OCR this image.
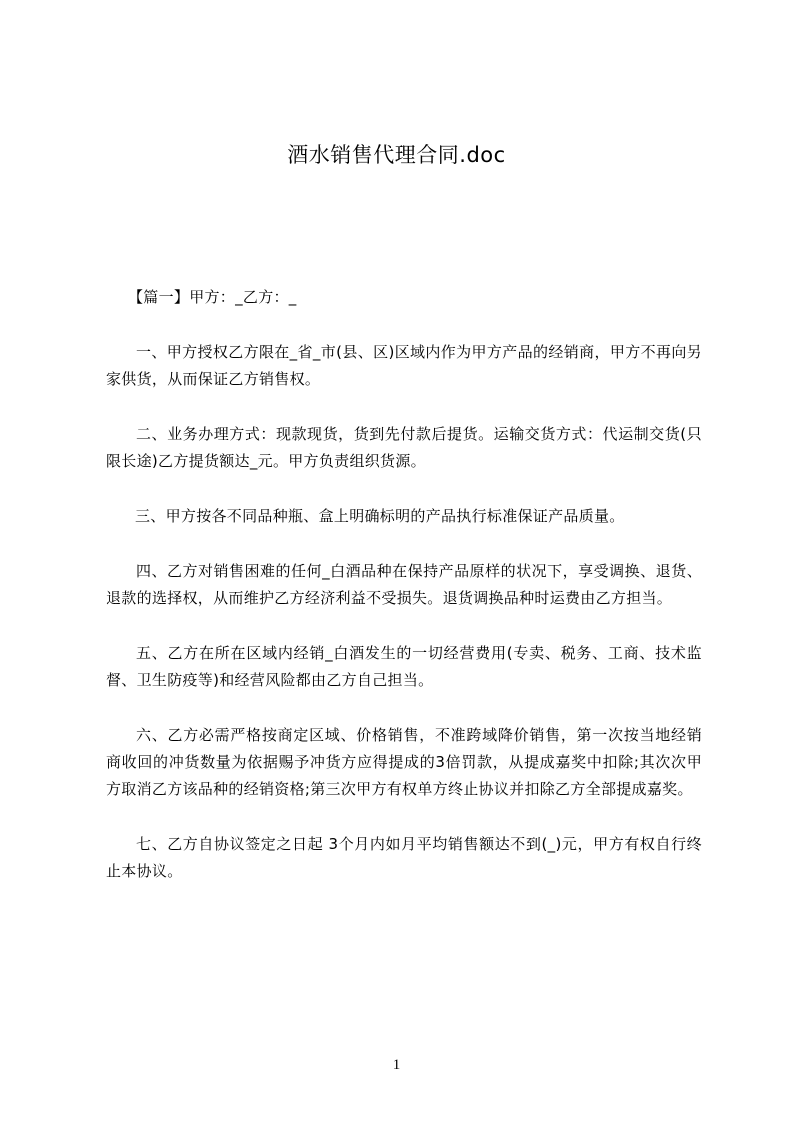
酒水销售代理合同.doc

【篇一】甲方：_乙方：_

一、甲方授权乙方限在_省_市(县、区)区域内作为甲方产品的经销商，甲方不再向另家供货，从而保证乙方销售权。

二、业务办理方式：现款现货，货到先付款后提货。运输交货方式：代运制交货(只限长途)乙方提货额达_元。甲方负责组织货源。

三、甲方按各不同品种瓶、盒上明确标明的产品执行标准保证产品质量。

四、乙方对销售困难的任何_白酒品种在保持产品原样的状况下，享受调换、退货、退款的选择权，从而维护乙方经济利益不受损失。退货调换品种时运费由乙方担当。

五、乙方在所在区域内经销_白酒发生的一切经营费用(专卖、税务、工商、技术监督、卫生防疫等)和经营风险都由乙方自己担当。

六、乙方必需严格按商定区域、价格销售，不准跨域降价销售，第一次按当地经销商收回的冲货数量为依据赐予冲货方应得提成的3倍罚款，从提成嘉奖中扣除;其次次甲方取消乙方该品种的经销资格;第三次甲方有权单方终止协议并扣除乙方全部提成嘉奖。

七、乙方自协议签定之日起 3个月内如月平均销售额达不到(_)元，甲方有权自行终止本协议。

1
